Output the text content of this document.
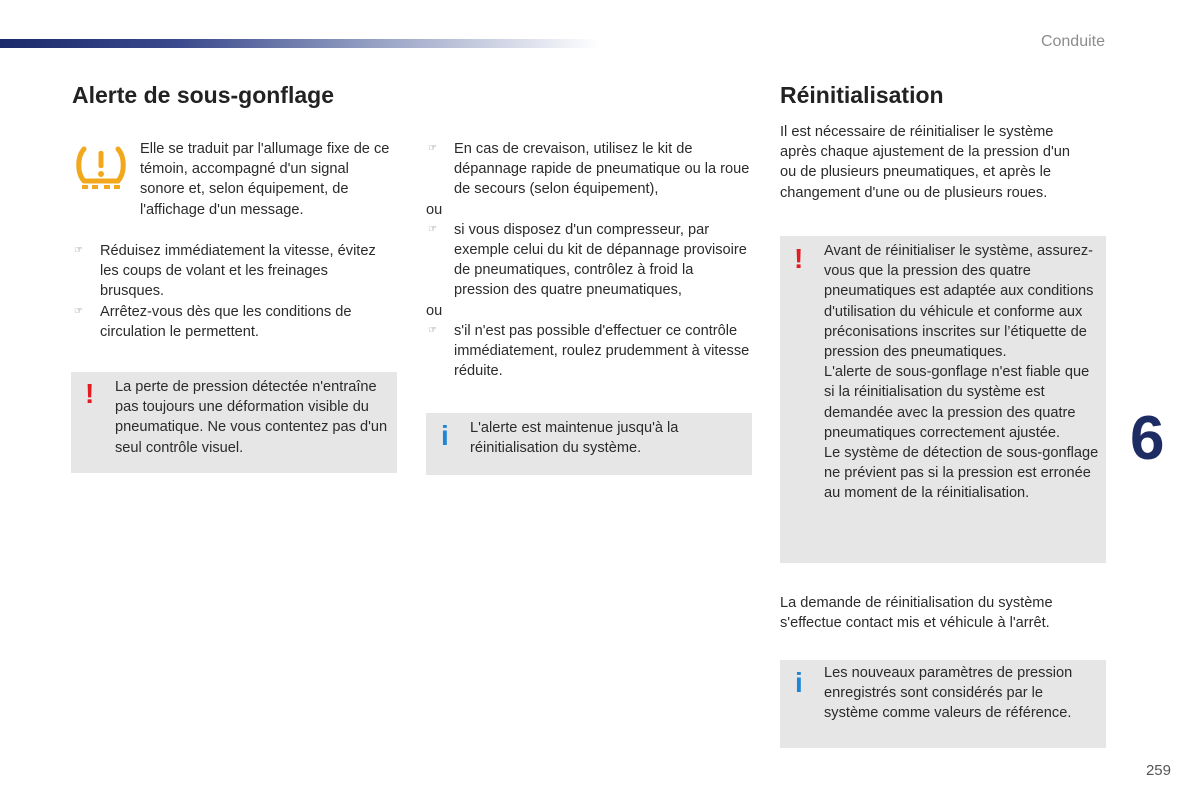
Conduite
6
259
Alerte de sous-gonflage
Elle se traduit par l'allumage fixe de ce témoin, accompagné d'un signal sonore et, selon équipement, de l'affichage d'un message.
☞ Réduisez immédiatement la vitesse, évitez les coups de volant et les freinages brusques.
☞ Arrêtez-vous dès que les conditions de circulation le permettent.
! La perte de pression détectée n'entraîne pas toujours une déformation visible du pneumatique. Ne vous contentez pas d'un seul contrôle visuel.
☞ En cas de crevaison, utilisez le kit de dépannage rapide de pneumatique ou la roue de secours (selon équipement),
ou
☞ si vous disposez d'un compresseur, par exemple celui du kit de dépannage provisoire de pneumatiques, contrôlez à froid la pression des quatre pneumatiques,
ou
☞ s'il n'est pas possible d'effectuer ce contrôle immédiatement, roulez prudemment à vitesse réduite.
i L'alerte est maintenue jusqu'à la réinitialisation du système.
Réinitialisation
Il est nécessaire de réinitialiser le système après chaque ajustement de la pression d'un ou de plusieurs pneumatiques, et après le changement d'une ou de plusieurs roues.
! Avant de réinitialiser le système, assurez-vous que la pression des quatre pneumatiques est adaptée aux conditions d'utilisation du véhicule et conforme aux préconisations inscrites sur l’étiquette de pression des pneumatiques.
L'alerte de sous-gonflage n'est fiable que si la réinitialisation du système est demandée avec la pression des quatre pneumatiques correctement ajustée.
Le système de détection de sous-gonflage ne prévient pas si la pression est erronée au moment de la réinitialisation.
La demande de réinitialisation du système s'effectue contact mis et véhicule à l'arrêt.
i Les nouveaux paramètres de pression enregistrés sont considérés par le système comme valeurs de référence.
